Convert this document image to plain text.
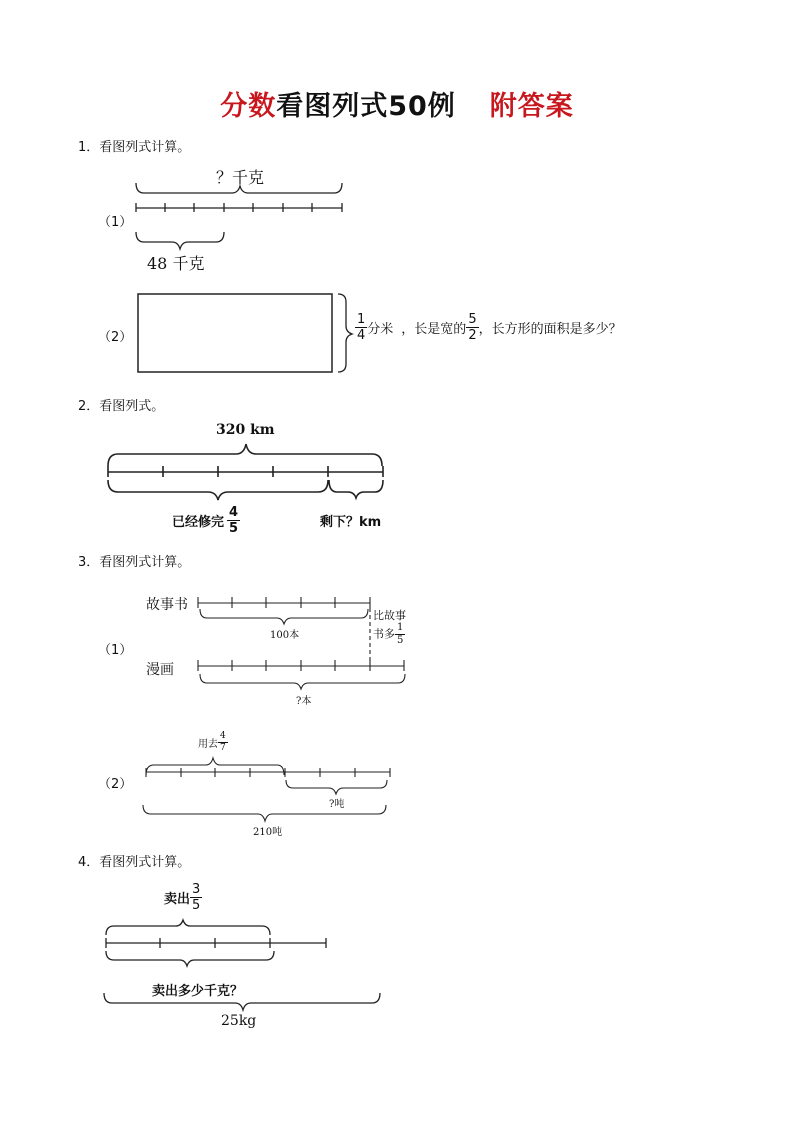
分数看图列式50例 附答案
1．看图列式计算。
（1）
？千克
48 千克
（2）	$\frac{1}{4}$ 分米 ，长是宽的 $\frac{5}{2}$ ，长方形的面积是多少？
2．看图列式。
320 km
已经修完 $\frac{4}{5}$	剩下？km
3．看图列式计算。
（1）
故事书
漫画
100本
比故事
书多 $\frac{1}{5}$
?本
（2）
用去 $\frac{4}{7}$
?吨
210吨
4．看图列式计算。
卖出 $\frac{3}{5}$
卖出多少千克？
25kg
